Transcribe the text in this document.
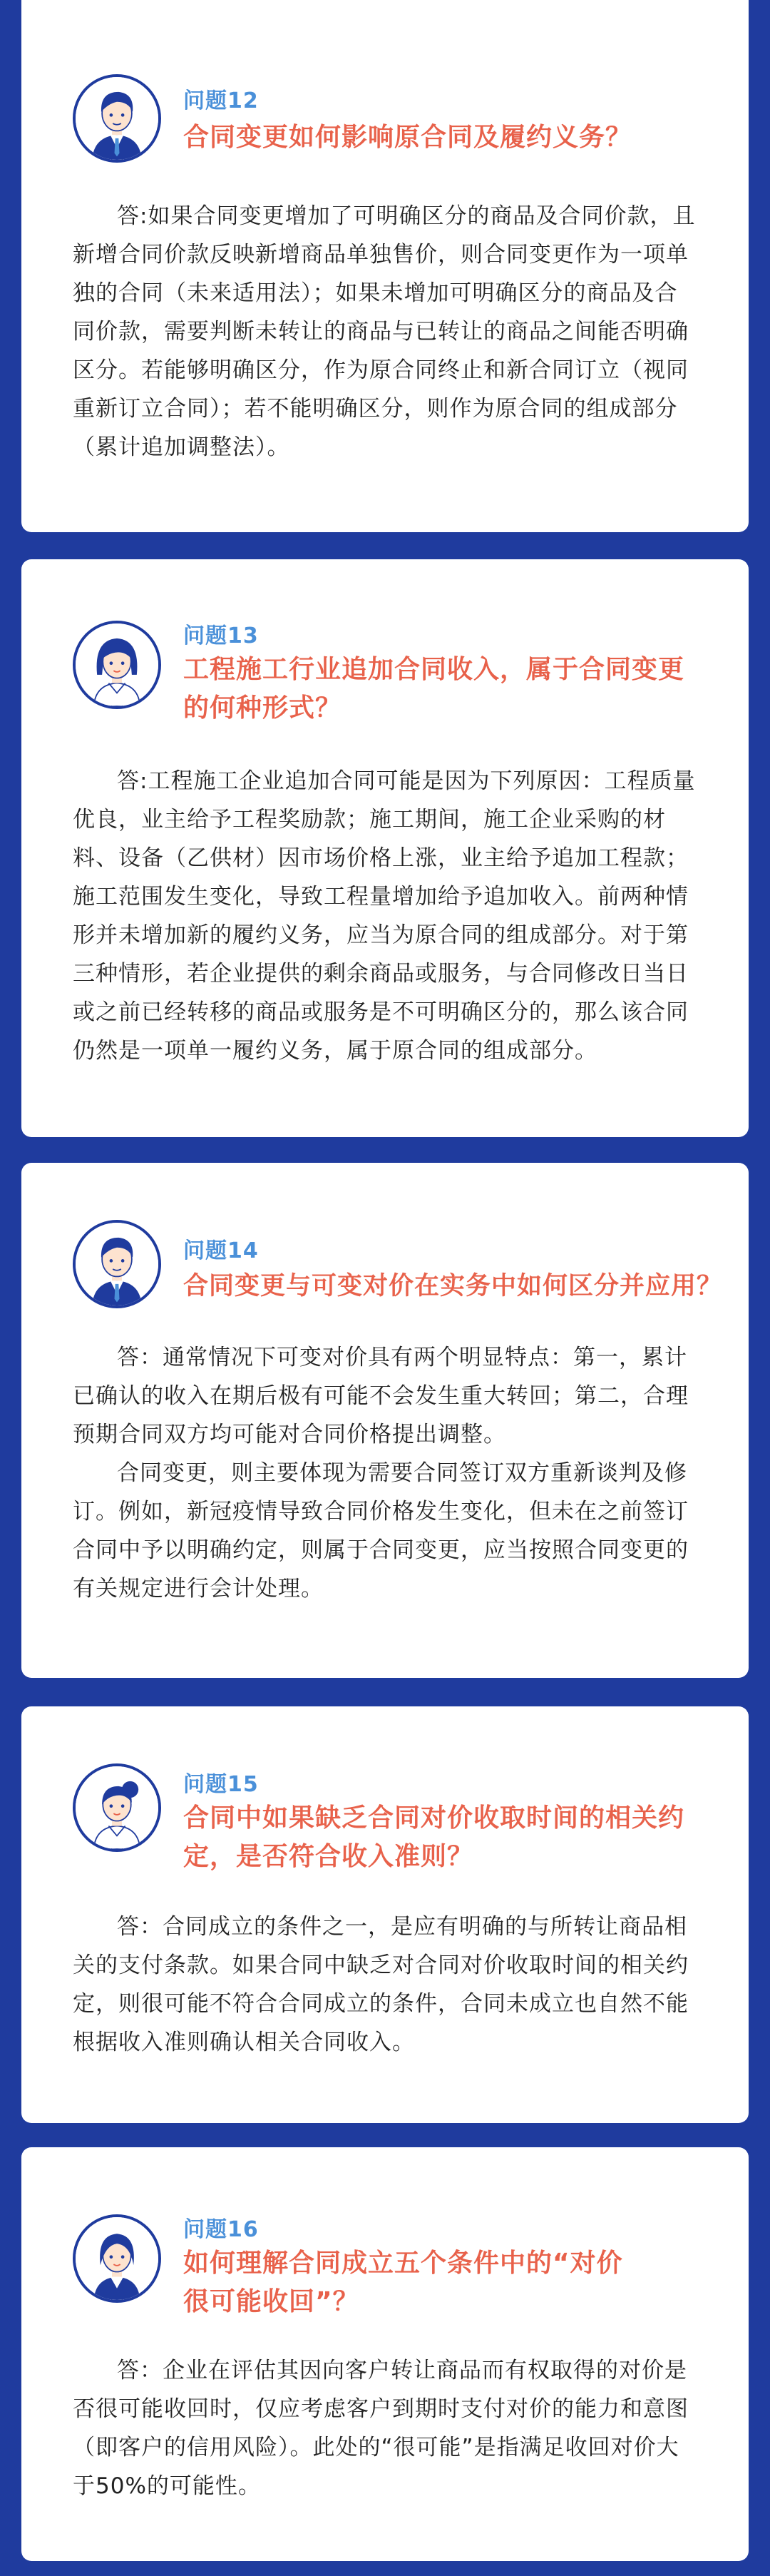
问题12
合同变更如何影响原合同及履约义务？

答:如果合同变更增加了可明确区分的商品及合同价款，且新增合同价款反映新增商品单独售价，则合同变更作为一项单独的合同（未来适用法）；如果未增加可明确区分的商品及合同价款，需要判断未转让的商品与已转让的商品之间能否明确区分。若能够明确区分，作为原合同终止和新合同订立（视同重新订立合同）；若不能明确区分，则作为原合同的组成部分（累计追加调整法）。

问题13
工程施工行业追加合同收入，属于合同变更的何种形式？

答:工程施工企业追加合同可能是因为下列原因：工程质量优良，业主给予工程奖励款；施工期间，施工企业采购的材料、设备（乙供材）因市场价格上涨，业主给予追加工程款；施工范围发生变化，导致工程量增加给予追加收入。前两种情形并未增加新的履约义务，应当为原合同的组成部分。对于第三种情形，若企业提供的剩余商品或服务，与合同修改日当日或之前已经转移的商品或服务是不可明确区分的，那么该合同仍然是一项单一履约义务，属于原合同的组成部分。

问题14
合同变更与可变对价在实务中如何区分并应用？

答：通常情况下可变对价具有两个明显特点：第一，累计已确认的收入在期后极有可能不会发生重大转回；第二，合理预期合同双方均可能对合同价格提出调整。

合同变更，则主要体现为需要合同签订双方重新谈判及修订。例如，新冠疫情导致合同价格发生变化，但未在之前签订合同中予以明确约定，则属于合同变更，应当按照合同变更的有关规定进行会计处理。

问题15
合同中如果缺乏合同对价收取时间的相关约定，是否符合收入准则？

答：合同成立的条件之一，是应有明确的与所转让商品相关的支付条款。如果合同中缺乏对合同对价收取时间的相关约定，则很可能不符合合同成立的条件，合同未成立也自然不能根据收入准则确认相关合同收入。

问题16
如何理解合同成立五个条件中的“对价很可能收回”？

答：企业在评估其因向客户转让商品而有权取得的对价是否很可能收回时，仅应考虑客户到期时支付对价的能力和意图（即客户的信用风险）。此处的“很可能”是指满足收回对价大于50%的可能性。
